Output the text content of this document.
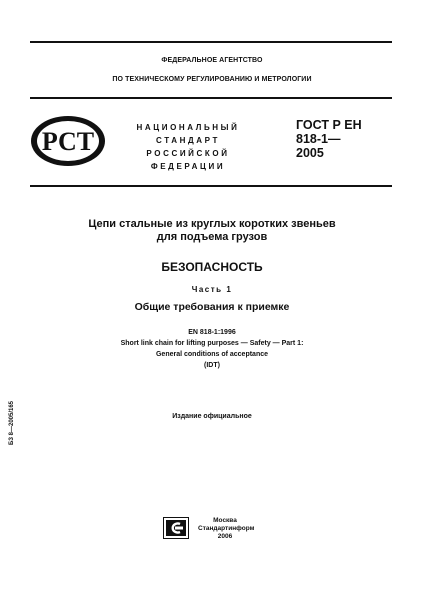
ФЕДЕРАЛЬНОЕ АГЕНТСТВО
ПО ТЕХНИЧЕСКОМУ РЕГУЛИРОВАНИЮ И МЕТРОЛОГИИ
РСТ	НАЦИОНАЛЬНЫЙ
СТАНДАРТ
РОССИЙСКОЙ
ФЕДЕРАЦИИ
ГОСТ Р ЕН
818-1—
2005
Цепи стальные из круглых коротких звеньев
для подъема грузов
БЕЗОПАСНОСТЬ
Часть 1
Общие требования к приемке
EN 818-1:1996
Short link chain for lifting purposes — Safety — Part 1:
General conditions of acceptance
(IDT)
Издание официальное
БЗ 8—2005/165
Москва
Стандартинформ
2006
